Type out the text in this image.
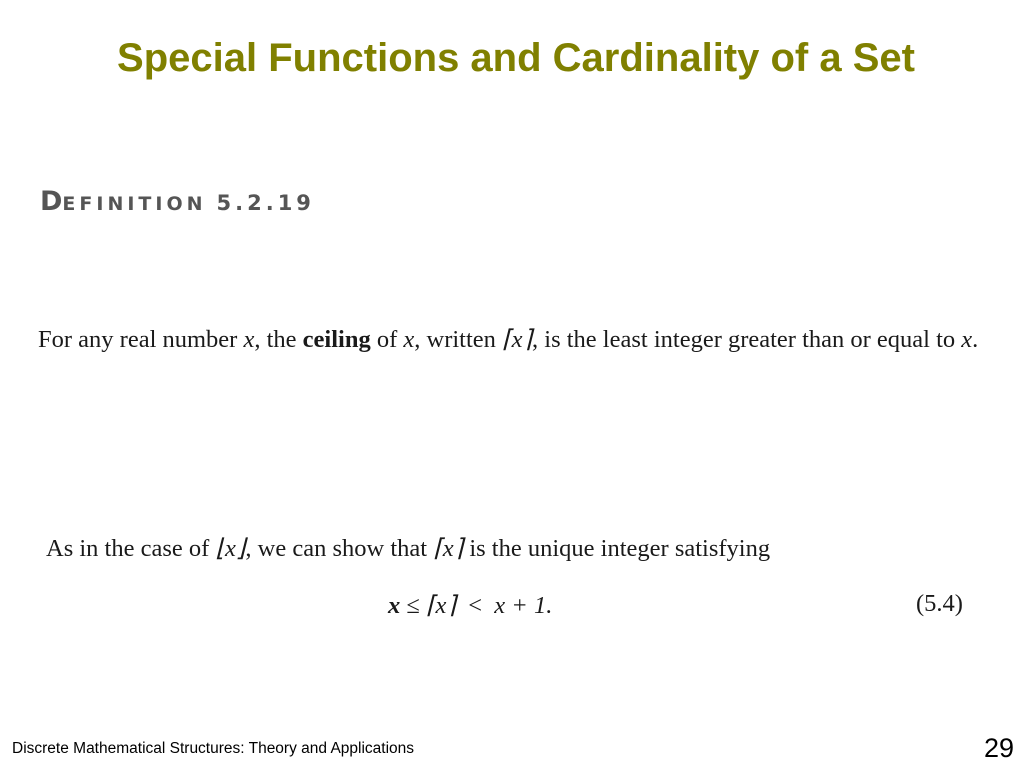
Special Functions and Cardinality of a Set
DEFINITION 5.2.19
For any real number x, the ceiling of x, written ⌈x⌉, is the least integer greater than or equal to x.
As in the case of ⌊x⌋, we can show that ⌈x⌉ is the unique integer satisfying
x ≤ ⌈x⌉  <  x + 1.	(5.4)
Discrete Mathematical Structures: Theory and Applications	29
